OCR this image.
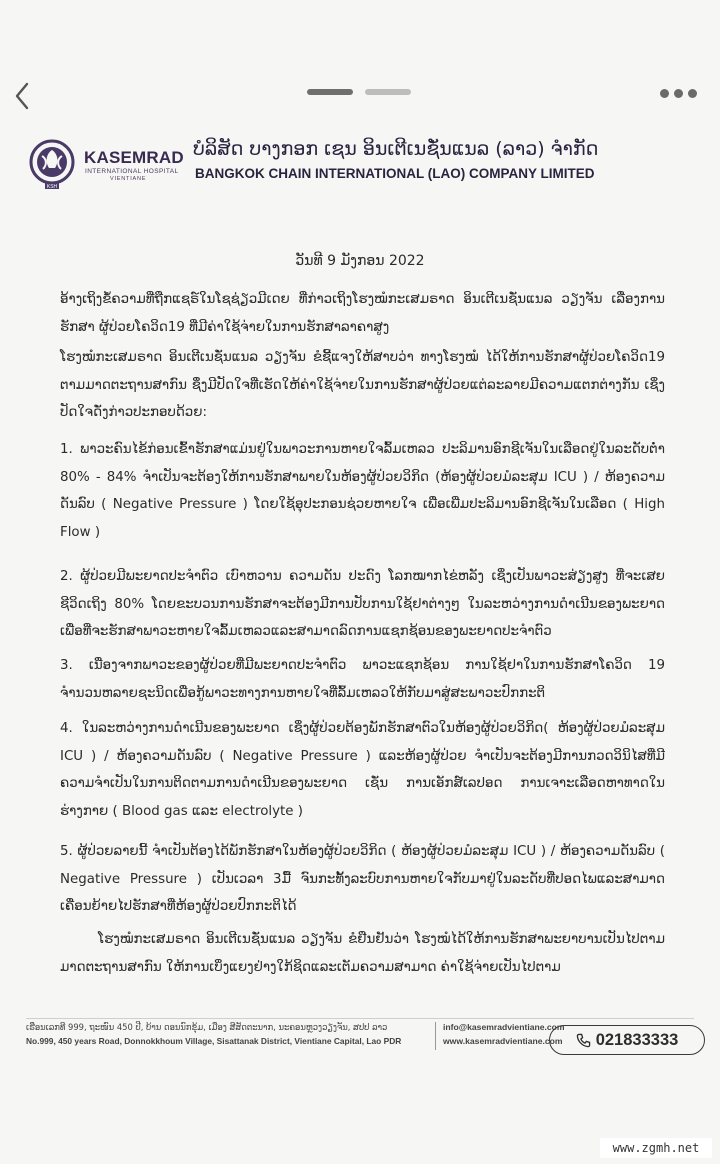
KSH
KASEMRAD
INTERNATIONAL HOSPITAL
VIENTIANE
ບໍລິສັດ ບາງກອກ ເຊນ ອິນເຕີເນຊັ່ນແນລ (ລາວ) ຈຳກັດ
BANGKOK CHAIN INTERNATIONAL (LAO) COMPANY LIMITED
ວັນທີ 9 ມັງກອນ 2022

ອ້າງເຖິງຂໍ້ຄວາມທີ່ຖືກແຊຣ໌ໃນໂຊຊ່ຽວມີເດຍ ທີ່ກ່າວເຖິງໂຮງໝໍກະເສມຣາດ ອິນເຕີເນຊັ່ນແນລ ວຽງຈັນ ເລື່ອງການຮັກສາ ຜູ້ປ່ວຍໂຄວິດ19 ທີ່ມີຄ່າໃຊ້ຈ່າຍໃນການຮັກສາລາຄາສູງ

ໂຮງໝໍກະເສມຣາດ ອິນເຕີເນຊັ່ນແນລ ວຽງຈັນ ຂໍຊີ້ແຈງໃຫ້ສາບວ່າ ທາງໂຮງໝໍ ໄດ້ໃຫ້ການຮັກສາຜູ້ປ່ວຍໂຄວິດ19 ຕາມມາດຕະຖານສາກົນ ຊຶ່ງມີປັດໃຈທີ່ເຮັດໃຫ້ຄ່າໃຊ້ຈ່າຍໃນການຮັກສາຜູ້ປ່ວຍແຕ່ລະລາຍມີຄວາມແຕກຕ່າງກັນ ເຊິ່ງປັດໃຈດັ່ງກ່າວປະກອບດ້ວຍ:

1. ພາວະຄົນໄຂ້ກ່ອນເຂົ້າຮັກສາແມ່ນຢູ່ໃນພາວະການຫາຍໃຈລົ້ມເຫລວ ປະລິມານອົກຊີເຈັນໃນເລືອດຢູ່ໃນລະດັບຕໍ່າ 80% - 84% ຈຳເປັນຈະຕ້ອງໃຫ້ການຮັກສາພາຍໃນຫ້ອງຜູ້ປ່ວຍວິກິດ (ຫ້ອງຜູ້ປ່ວຍມໍລະສຸມ ICU ) / ຫ້ອງຄວາມດັນລົບ ( Negative Pressure ) ໂດຍໃຊ້ອຸປະກອນຊ່ວຍຫາຍໃຈ ເພື່ອເພີ່ມປະລິມານອົກຊີເຈັນໃນເລືອດ ( High Flow )

2. ຜູ້ປ່ວຍມີພະຍາດປະຈຳຕົວ ເບົາຫວານ ຄວາມດັນ ປະດົງ ໂລກໝາກໄຂ່ຫລັງ ເຊິ່ງເປັນພາວະສ່ຽງສູງ ທີ່ຈະເສຍຊີວິດເຖິງ 80% ໂດຍຂະບວນການຮັກສາຈະຕ້ອງມີການປັບການໃຊ້ຢາຕ່າງໆ ໃນລະຫວ່າງການດຳເນີນຂອງພະຍາດ ເພື່ອທີ່ຈະຮັກສາພາວະຫາຍໃຈລົ້ມເຫລວແລະສາມາດລົດການແຊກຊ້ອນຂອງພະຍາດປະຈຳຕົວ

3. ເນື່ອງຈາກພາວະຂອງຜູ້ປ່ວຍທີ່ມີພະຍາດປະຈຳຕົວ ພາວະແຊກຊ້ອນ ການໃຊ້ຢາໃນການຮັກສາໂຄວິດ 19 ຈຳນວນຫລາຍຊະນິດເພື່ອກູ້ພາວະທາງການຫາຍໃຈທີ່ລົ້ມເຫລວໃຫ້ກັບມາສູ່ສະພາວະປົກກະຕິ

4. ໃນລະຫວ່າງການດຳເນີນຂອງພະຍາດ ເຊິ່ງຜູ້ປ່ວຍຕ້ອງພັກຮັກສາຕົວໃນຫ້ອງຜູ້ປ່ວຍວິກິດ( ຫ້ອງຜູ້ປ່ວຍມໍລະສຸມ ICU ) / ຫ້ອງຄວາມດັນລົບ ( Negative Pressure ) ແລະຫ້ອງຜູ້ປ່ວຍ ຈຳເປັນຈະຕ້ອງມີການກວດວິນິໄສທີ່ມີຄວາມຈຳເປັນໃນການຕິດຕາມການດຳເນີນຂອງພະຍາດ ເຊັ່ນ ການເອັກສ໌ເລປອດ ການເຈາະເລືອດຫາທາດໃນຮ່າງກາຍ ( Blood gas ແລະ electrolyte )

5. ຜູ້ປ່ວຍລາຍນີ້ ຈຳເປັນຕ້ອງໄດ້ພັກຮັກສາໃນຫ້ອງຜູ້ປ່ວຍວິກິດ ( ຫ້ອງຜູ້ປ່ວຍມໍລະສຸມ ICU ) / ຫ້ອງຄວາມດັນລົບ ( Negative Pressure ) ເປັນເວລາ 3ມື້ ຈົນກະທັ້ງລະບົບການຫາຍໃຈກັບມາຢູ່ໃນລະດັບທີ່ປອດໄພແລະສາມາດເຄື່ອນຍ້າຍໄປຮັກສາທີ່ຫ້ອງຜູ້ປ່ວຍປົກກະຕິໄດ້

ໂຮງໝໍກະເສມຣາດ ອິນເຕີເນຊັ່ນແນລ ວຽງຈັນ ຂໍຢືນຢັນວ່າ ໂຮງໝໍໄດ້ໃຫ້ການຮັກສາພະຍາບານເປັນໄປຕາມມາດຕະຖານສາກົນ ໃຫ້ການເບິ່ງແຍງຢ່າງໃກ້ຊິດແລະເຕັມຄວາມສາມາດ ຄ່າໃຊ້ຈ່າຍເປັນໄປຕາມ

ເຮືອນເລກທີ 999, ຖະໜົນ 450 ປີ, ບ້ານ ດອນນົກຂຸ້ມ, ເມືອງ ສີສັດຕະນາກ, ນະຄອນຫຼວງວຽງຈັນ, ສປປ ລາວ
No.999, 450 years Road, Donnokkhoum Village, Sisattanak District, Vientiane Capital, Lao PDR
info@kasemradvientiane.com
www.kasemradvientiane.com 021833333
www.zgmh.net
